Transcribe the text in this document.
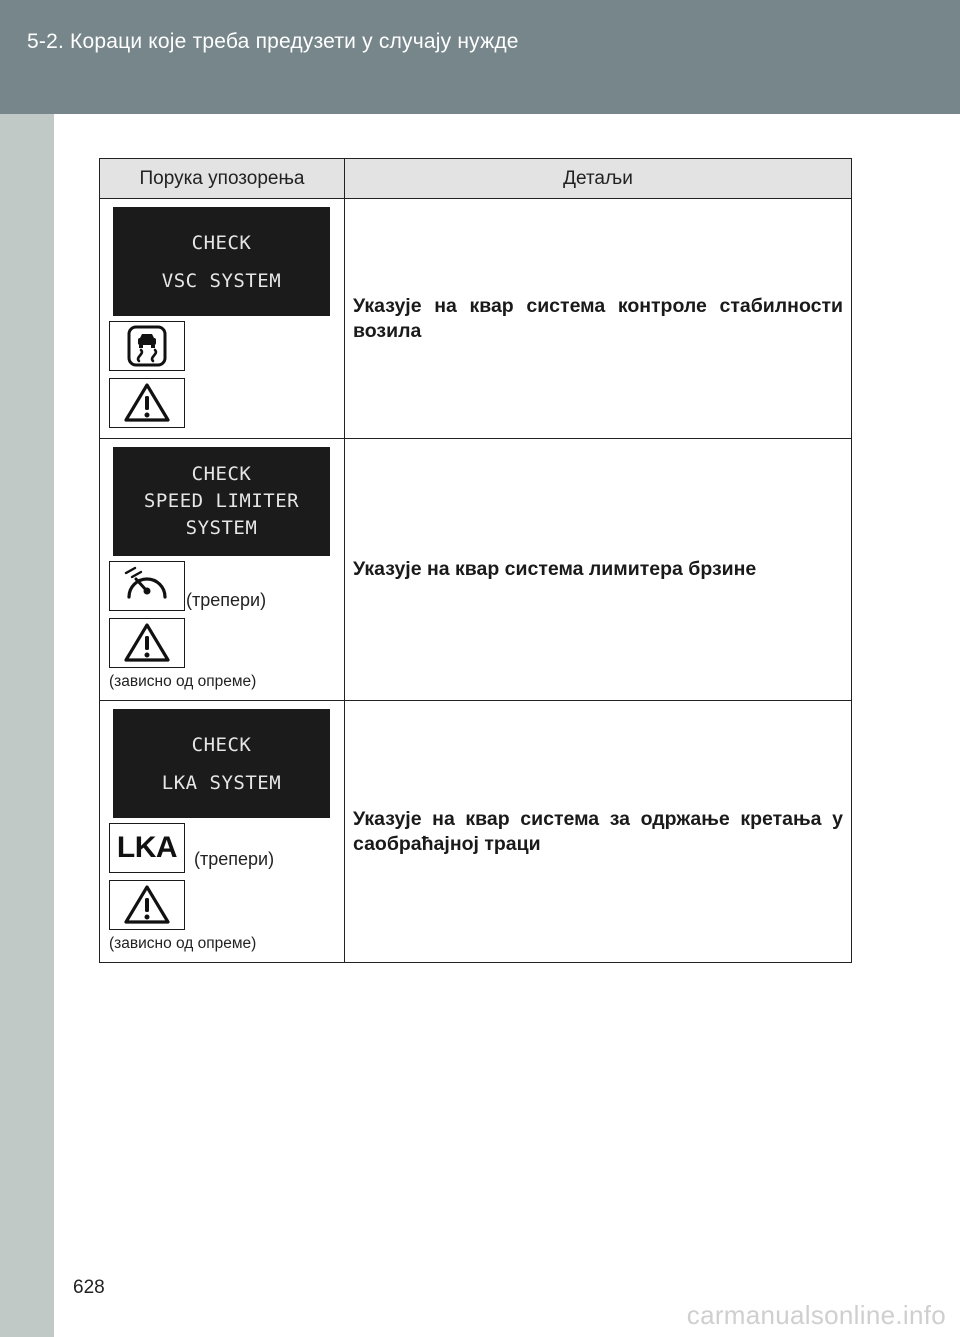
5-2. Кораци које треба предузети у случају нужде
Порука упозорења	Детаљи

CHECK
VSC SYSTEM	Указује на квар система контроле стабилности возила

CHECK
SPEED LIMITER
SYSTEM
(трепери)
(зависно од опреме)	Указује на квар система лимитера брзине

CHECK
LKA SYSTEM
LKA (трепери)
(зависно од опреме)	Указује на квар система за одржање кретања у саобраћајној траци
628
carmanualsonline.info
